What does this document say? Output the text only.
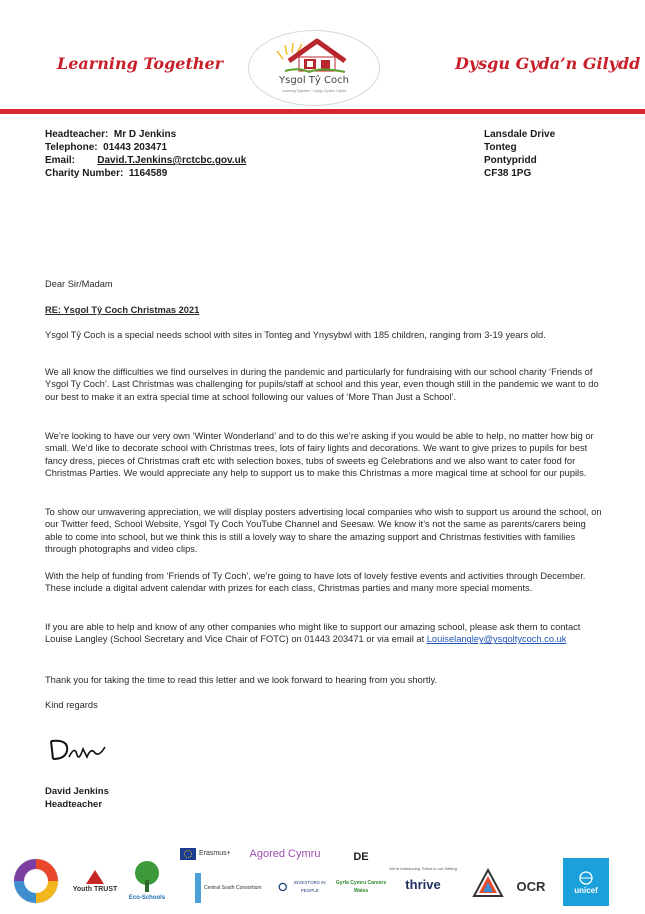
Learning Together	Dysgu Gyda’n Gilydd
Ysgol Tŷ Coch
Learning Together · Dysgu Gyda'n Gilydd
Headteacher: Mr D Jenkins
Telephone: 01443 203471
Email: David.T.Jenkins@rctcbc.gov.uk
Charity Number: 1164589
Lansdale Drive
Tonteg
Pontypridd
CF38 1PG
Dear Sir/Madam
RE: Ysgol Tŷ Coch Christmas 2021

Ysgol Tŷ Coch is a special needs school with sites in Tonteg and Ynysybwl with 185 children, ranging from 3-19 years old.

We all know the difficulties we find ourselves in during the pandemic and particularly for fundraising with our school charity ‘Friends of Ysgol Ty Coch’. Last Christmas was challenging for pupils/staff at school and this year, even though still in the pandemic we want to do our best to make it an extra special time at school following our values of ‘More Than Just a School’.

We’re looking to have our very own ‘Winter Wonderland’ and to do this we’re asking if you would be able to help, no matter how big or small. We’d like to decorate school with Christmas trees, lots of fairy lights and decorations. We want to give prizes to pupils for best fancy dress, pieces of Christmas craft etc with selection boxes, tubs of sweets eg Celebrations and we also want to cater food for Christmas Parties. We would appreciate any help to support us to make this Christmas a more magical time at school for our pupils.

To show our unwavering appreciation, we will display posters advertising local companies who wish to support us around the school, on our Twitter feed, School Website, Ysgol Ty Coch YouTube Channel and Seesaw. We know it’s not the same as parents/carers being able to come into school, but we think this is still a lovely way to share the amazing support and Christmas festivities with families through photographs and video clips.

With the help of funding from ‘Friends of Ty Coch’, we’re going to have lots of lovely festive events and activities through December. These include a digital advent calendar with prizes for each class, Christmas parties and many more special moments.

If you are able to help and know of any other companies who might like to support our amazing school, please ask them to contact Louise Langley (School Secretary and Vice Chair of FOTC) on 01443 203471 or via email at Louiselangley@ysgoltycoch.co.uk

Thank you for taking the time to read this letter and we look forward to hearing from you shortly.

Kind regards

David Jenkins
Headteacher
Youth TRUST
Eco-Schools
Erasmus+ Agored Cymru	DE
Central South Consortium
INVESTORS IN PEOPLE
Gyrfa Cymru Careers Wales
We're introducing Thrive in our Setting
thrive	OCR	unicef
